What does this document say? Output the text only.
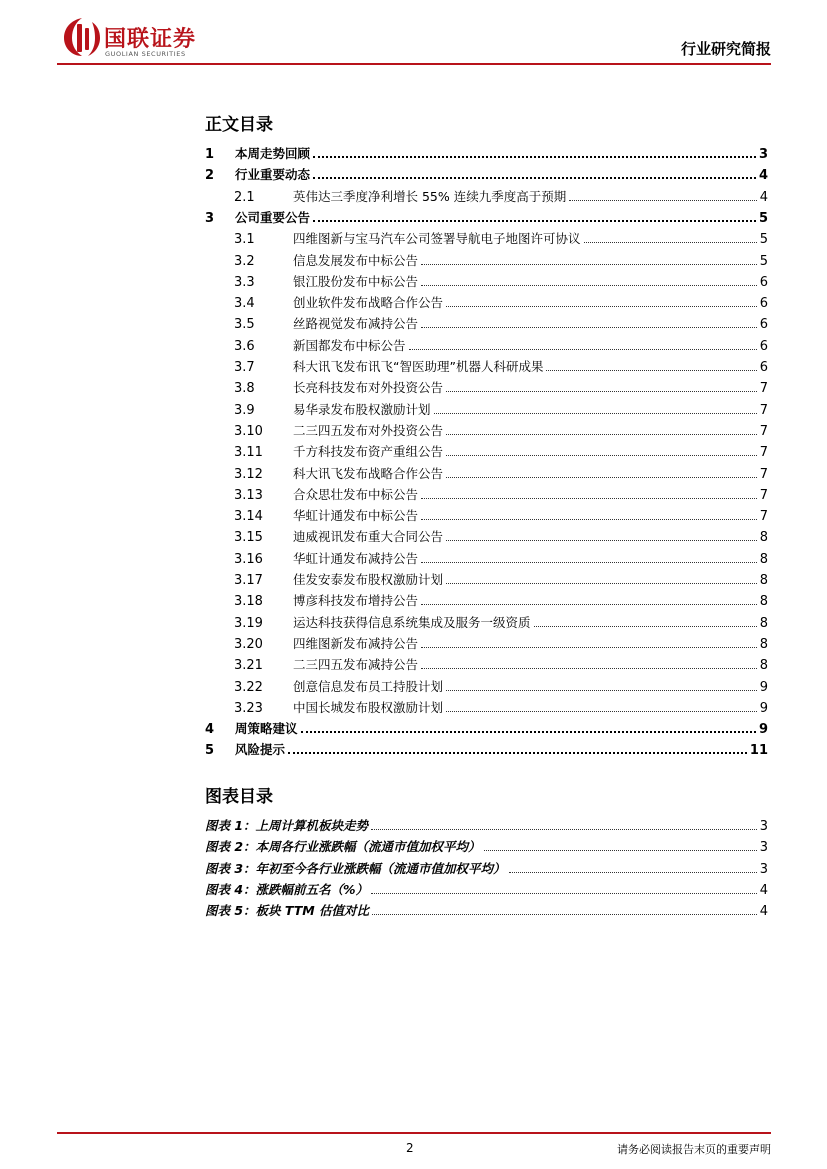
国联证券
GUOLIAN SECURITIES	行业研究简报
正文目录
1	本周走势回顾	3
2	行业重要动态	4
2.1	英伟达三季度净利增长 55% 连续九季度高于预期	4
3	公司重要公告	5
3.1	四维图新与宝马汽车公司签署导航电子地图许可协议	5
3.2	信息发展发布中标公告	5
3.3	银江股份发布中标公告	6
3.4	创业软件发布战略合作公告	6
3.5	丝路视觉发布减持公告	6
3.6	新国都发布中标公告	6
3.7	科大讯飞发布讯飞“智医助理”机器人科研成果	6
3.8	长亮科技发布对外投资公告	7
3.9	易华录发布股权激励计划	7
3.10	二三四五发布对外投资公告	7
3.11	千方科技发布资产重组公告	7
3.12	科大讯飞发布战略合作公告	7
3.13	合众思壮发布中标公告	7
3.14	华虹计通发布中标公告	7
3.15	迪威视讯发布重大合同公告	8
3.16	华虹计通发布减持公告	8
3.17	佳发安泰发布股权激励计划	8
3.18	博彦科技发布增持公告	8
3.19	运达科技获得信息系统集成及服务一级资质	8
3.20	四维图新发布减持公告	8
3.21	二三四五发布减持公告	8
3.22	创意信息发布员工持股计划	9
3.23	中国长城发布股权激励计划	9
4	周策略建议	9
5	风险提示	11
图表目录
图表 1：上周计算机板块走势	3
图表 2：本周各行业涨跌幅（流通市值加权平均）	3
图表 3：年初至今各行业涨跌幅（流通市值加权平均）	3
图表 4：涨跌幅前五名（%）	4
图表 5：板块 TTM 估值对比	4
2	请务必阅读报告末页的重要声明
